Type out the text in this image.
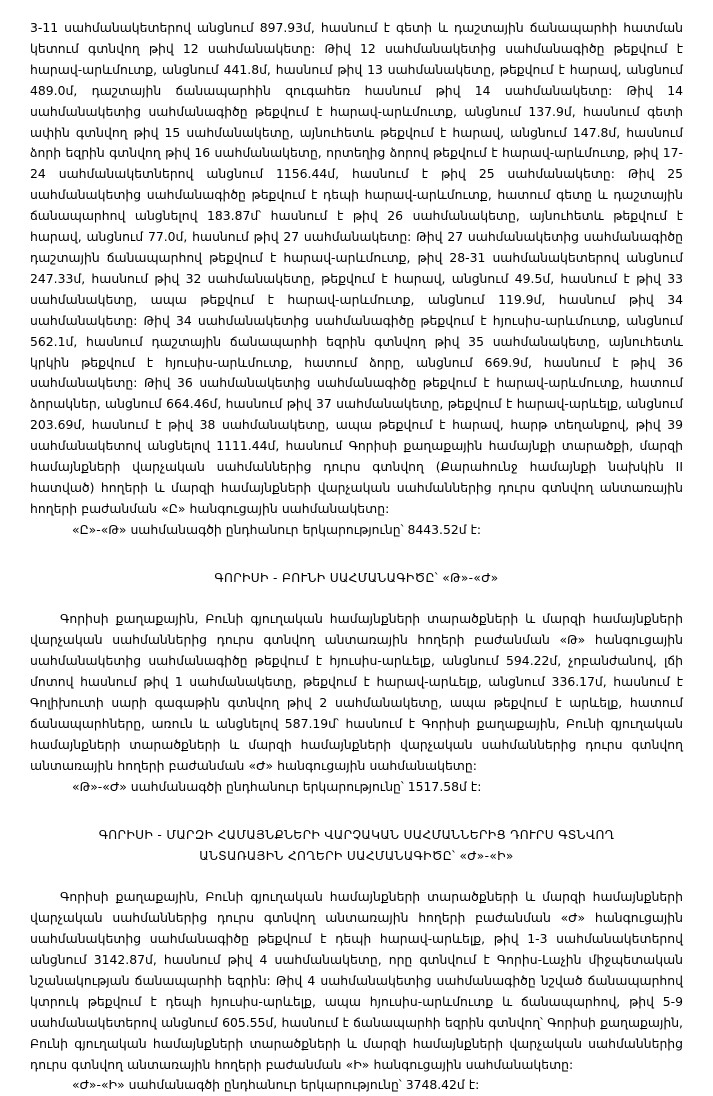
3-11 սահմանակետերով անցնում 897.93մ, հասնում է գետի և դաշտային ճանապարհի հատման կետում գտնվող թիվ 12 սահմանակետը: Թիվ 12 սահմանակետից սահմանագիծը թեքվում է հարավ-արևմուտք, անցնում 441.8մ, հասնում թիվ 13 սահմանակետը, թեքվում է հարավ, անցնում 489.0մ, դաշտային ճանապարհին զուգահեռ հասնում թիվ 14 սահմանակետը: Թիվ 14 սահմանակետից սահմանագիծը թեքվում է հարավ-արևմուտք, անցնում 137.9մ, հասնում գետի ափին գտնվող թիվ 15 սահմանակետը, այնուհետև թեքվում է հարավ, անցնում 147.8մ, հասնում ձորի եզրին գտնվող թիվ 16 սահմանակետը, որտեղից ձորով թեքվում է հարավ-արևմուտք, թիվ 17-24 սահմանակետներով անցնում 1156.44մ, հասնում է թիվ 25 սահմանակետը: Թիվ 25 սահմանակետից սահմանագիծը թեքվում է դեպի հարավ-արևմուտք, հատում գետը և դաշտային ճանապարհով անցնելով 183.87մ՝ հասնում է թիվ 26 սահմանակետը, այնուհետև թեքվում է հարավ, անցնում 77.0մ, հասնում թիվ 27 սահմանակետը: Թիվ 27 սահմանակետից սահմանագիծը դաշտային ճանապարհով թեքվում է հարավ-արևմուտք, թիվ 28-31 սահմանակետերով անցնում 247.33մ, հասնում թիվ 32 սահմանակետը, թեքվում է հարավ, անցնում 49.5մ, հասնում է թիվ 33 սահմանակետը, ապա թեքվում է հարավ-արևմուտք, անցնում 119.9մ, հասնում թիվ 34 սահմանակետը: Թիվ 34 սահմանակետից սահմանագիծը թեքվում է հյուսիս-արևմուտք, անցնում 562.1մ, հասնում դաշտային ճանապարհի եզրին գտնվող թիվ 35 սահմանակետը, այնուհետև կրկին թեքվում է հյուսիս-արևմուտք, հատում ձորը, անցնում 669.9մ, հասնում է թիվ 36 սահմանակետը: Թիվ 36 սահմանակետից սահմանագիծը թեքվում է հարավ-արևմուտք, հատում ձորակներ, անցնում 664.46մ, հասնում թիվ 37 սահմանակետը, թեքվում է հարավ-արևելք, անցնում 203.69մ, հասնում է թիվ 38 սահմանակետը, ապա թեքվում է հարավ, հարթ տեղանքով, թիվ 39 սահմանակետով անցնելով 1111.44մ, հասնում Գորիսի քաղաքային համայնքի տարածքի, մարզի համայնքների վարչական սահմաններից դուրս գտնվող (Քարահունջ համայնքի նախկին II հատված) հողերի և մարզի համայնքների վարչական սահմաններից դուրս գտնվող անտառային հողերի բաժանման «Ը» հանգուցային սահմանակետը:

«Ը»-«Թ» սահմանագծի ընդհանուր երկարությունը՝ 8443.52մ է:

ԳՈՐԻՍԻ - ԲՈՒՆԻ ՍԱՀՄԱՆԱԳԻԾԸ՝ «Թ»-«Ժ»

Գորիսի քաղաքային, Բունի գյուղական համայնքների տարածքների և մարզի համայնքների վարչական սահմաններից դուրս գտնվող անտառային հողերի բաժանման «Թ» հանգուցային սահմանակետից սահմանագիծը թեքվում է հյուսիս-արևելք, անցնում 594.22մ, չոբանժանով, լճի մոտով հասնում թիվ 1 սահմանակետը, թեքվում է հարավ-արևելք, անցնում 336.17մ, հասնում է Գոլիխուտի սարի գագաթին գտնվող թիվ 2 սահմանակետը, ապա թեքվում է արևելք, հատում ճանապարհները, առուն և անցնելով 587.19մ՝ հասնում է Գորիսի քաղաքային, Բունի գյուղական համայնքների տարածքների և մարզի համայնքների վարչական սահմաններից դուրս գտնվող անտառային հողերի բաժանման «Ժ» հանգուցային սահմանակետը:

«Թ»-«Ժ» սահմանագծի ընդհանուր երկարությունը՝ 1517.58մ է:

ԳՈՐԻՍԻ - ՄԱՐԶԻ ՀԱՄԱՅՆՔՆԵՐԻ ՎԱՐՉԱԿԱՆ ՍԱՀՄԱՆՆԵՐԻՑ ԴՈՒՐՍ ԳՏՆՎՈՂ

ԱՆՏԱՌԱՅԻՆ ՀՈՂԵՐԻ ՍԱՀՄԱՆԱԳԻԾԸ՝ «Ժ»-«Ի»

Գորիսի քաղաքային, Բունի գյուղական համայնքների տարածքների և մարզի համայնքների վարչական սահմաններից դուրս գտնվող անտառային հողերի բաժանման «Ժ» հանգուցային սահմանակետից սահմանագիծը թեքվում է դեպի հարավ-արևելք, թիվ 1-3 սահմանակետերով անցնում 3142.87մ, հասնում թիվ 4 սահմանակետը, որը գտնվում է Գորիս-Լաչին միջպետական նշանակության ճանապարհի եզրին: Թիվ 4 սահմանակետից սահմանագիծը նշված ճանապարհով կտրուկ թեքվում է դեպի հյուսիս-արևելք, ապա հյուսիս-արևմուտք և ճանապարհով, թիվ 5-9 սահմանակետերով անցնում 605.55մ, հասնում է ճանապարհի եզրին գտնվող՝ Գորիսի քաղաքային, Բունի գյուղական համայնքների տարածքների և մարզի համայնքների վարչական սահմաններից դուրս գտնվող անտառային հողերի բաժանման «Ի» հանգուցային սահմանակետը:

«Ժ»-«Ի» սահմանագծի ընդհանուր երկարությունը՝ 3748.42մ է:
